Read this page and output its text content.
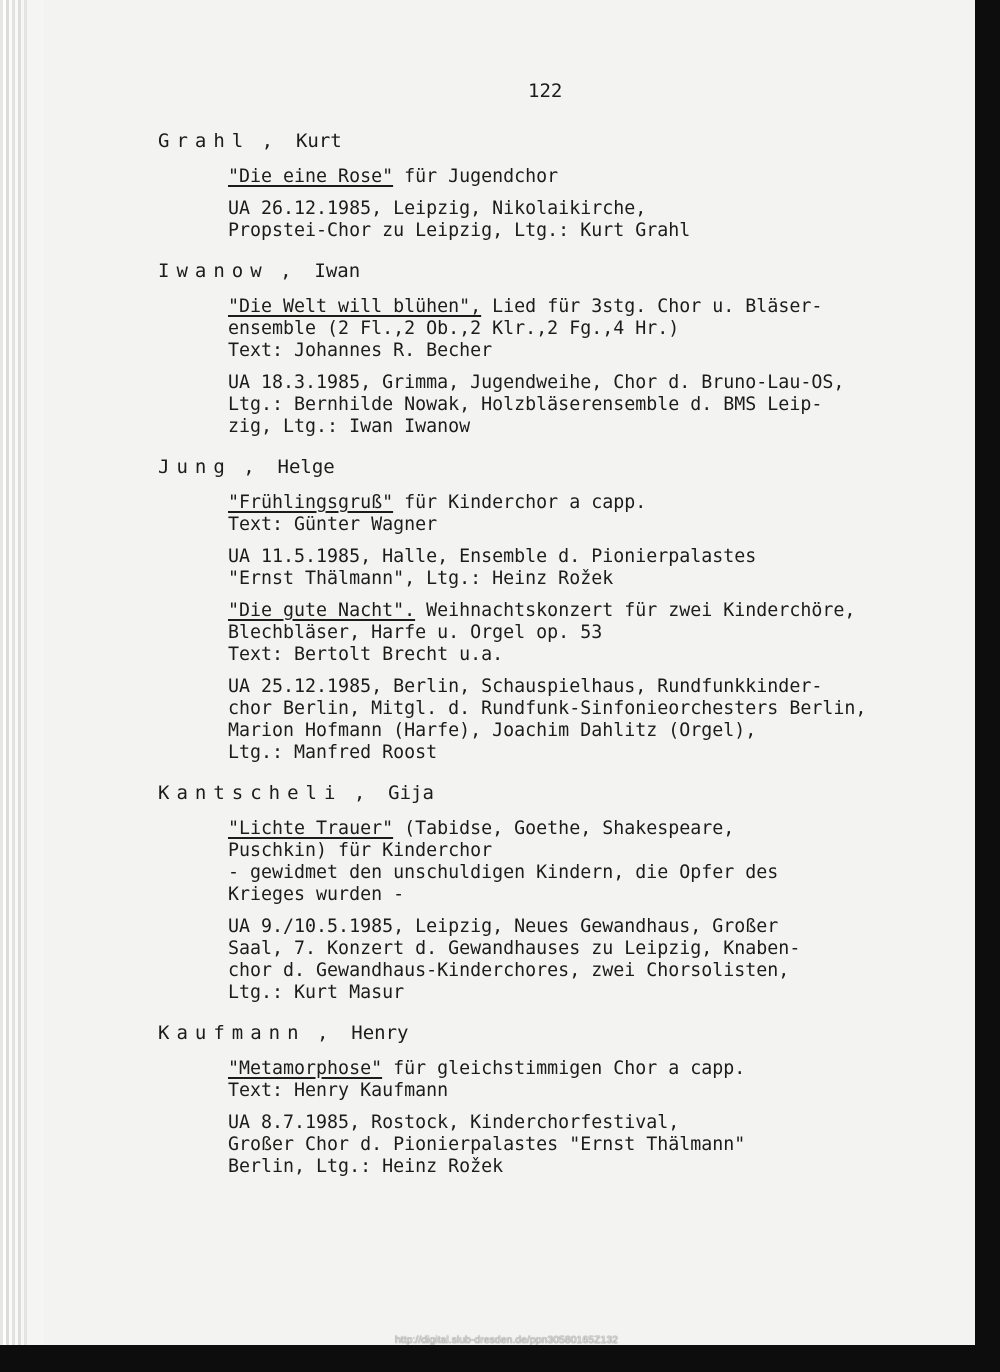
122
Grahl ,  Kurt
"Die eine Rose" für Jugendchor
UA 26.12.1985, Leipzig, Nikolaikirche,
Propstei-Chor zu Leipzig, Ltg.: Kurt Grahl
Iwanow ,  Iwan
"Die Welt will blühen", Lied für 3stg. Chor u. Bläser-
ensemble (2 Fl.,2 Ob.,2 Klr.,2 Fg.,4 Hr.)
Text: Johannes R. Becher
UA 18.3.1985, Grimma, Jugendweihe, Chor d. Bruno-Lau-OS,
Ltg.: Bernhilde Nowak, Holzbläserensemble d. BMS Leip-
zig, Ltg.: Iwan Iwanow
Jung ,  Helge
"Frühlingsgruß" für Kinderchor a capp.
Text: Günter Wagner
UA 11.5.1985, Halle, Ensemble d. Pionierpalastes
"Ernst Thälmann", Ltg.: Heinz Rožek
"Die gute Nacht". Weihnachtskonzert für zwei Kinderchöre,
Blechbläser, Harfe u. Orgel op. 53
Text: Bertolt Brecht u.a.
UA 25.12.1985, Berlin, Schauspielhaus, Rundfunkkinder-
chor Berlin, Mitgl. d. Rundfunk-Sinfonieorchesters Berlin,
Marion Hofmann (Harfe), Joachim Dahlitz (Orgel),
Ltg.: Manfred Roost
Kantscheli ,  Gija
"Lichte Trauer" (Tabidse, Goethe, Shakespeare,
Puschkin) für Kinderchor
- gewidmet den unschuldigen Kindern, die Opfer des
Krieges wurden -
UA 9./10.5.1985, Leipzig, Neues Gewandhaus, Großer
Saal, 7. Konzert d. Gewandhauses zu Leipzig, Knaben-
chor d. Gewandhaus-Kinderchores, zwei Chorsolisten,
Ltg.: Kurt Masur
Kaufmann ,  Henry
"Metamorphose" für gleichstimmigen Chor a capp.
Text: Henry Kaufmann
UA 8.7.1985, Rostock, Kinderchorfestival,
Großer Chor d. Pionierpalastes "Ernst Thälmann"
Berlin, Ltg.: Heinz Rožek
http://digital.slub-dresden.de/ppn30580165Z132
